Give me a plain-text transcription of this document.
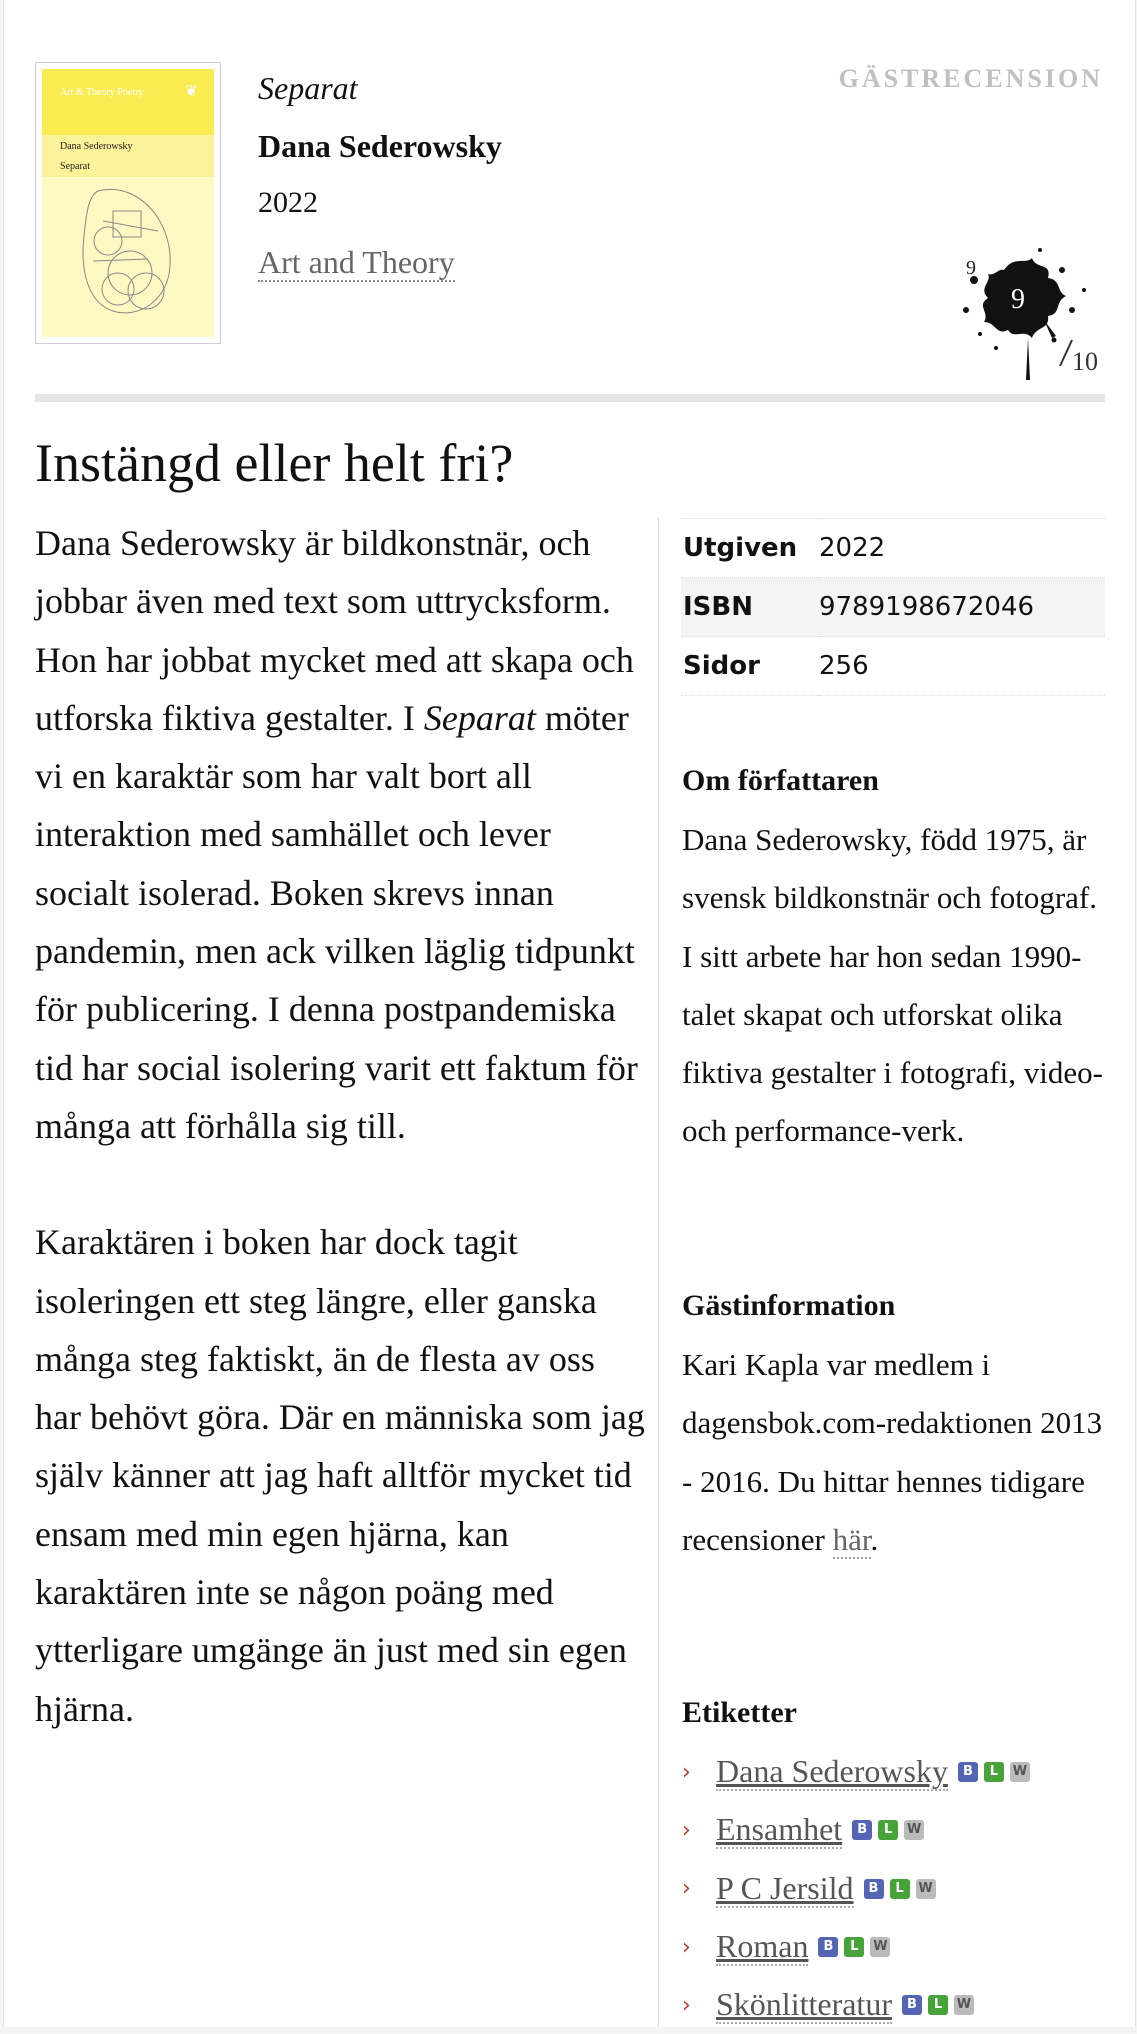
Art & Theory Poetry	❦
Dana Sederowsky
Separat
Separat
Dana Sederowsky
2022
Art and Theory
GÄSTRECENSION
9
9
10
Instängd eller helt fri?

Dana Sederowsky är bildkonstnär, och jobbar även med text som uttrycksform. Hon har jobbat mycket med att skapa och utforska fiktiva gestalter. I Separat möter vi en karaktär som har valt bort all interaktion med samhället och lever socialt isolerad. Boken skrevs innan pandemin, men ack vilken läglig tidpunkt för publicering. I denna postpandemiska tid har social isolering varit ett faktum för många att förhålla sig till.

Karaktären i boken har dock tagit isoleringen ett steg längre, eller ganska många steg faktiskt, än de flesta av oss har behövt göra. Där en människa som jag själv känner att jag haft alltför mycket tid ensam med min egen hjärna, kan karaktären inte se någon poäng med ytterligare umgänge än just med sin egen hjärna.

Utgiven	2022
ISBN	9789198672046
Sidor	256
Om författaren

Dana Sederowsky, född 1975, är svensk bildkonstnär och fotograf. I sitt arbete har hon sedan 1990-talet skapat och utforskat olika fiktiva gestalter i fotografi, video- och performance-verk.

Gästinformation

Kari Kapla var medlem i dagensbok.com-redaktionen 2013 - 2016. Du hittar hennes tidigare recensioner här.

Etiketter
› Dana Sederowsky	B	L	W
› Ensamhet	B	L	W
› P C Jersild	B	L	W
› Roman	B	L	W
› Skönlitteratur	B	L	W
